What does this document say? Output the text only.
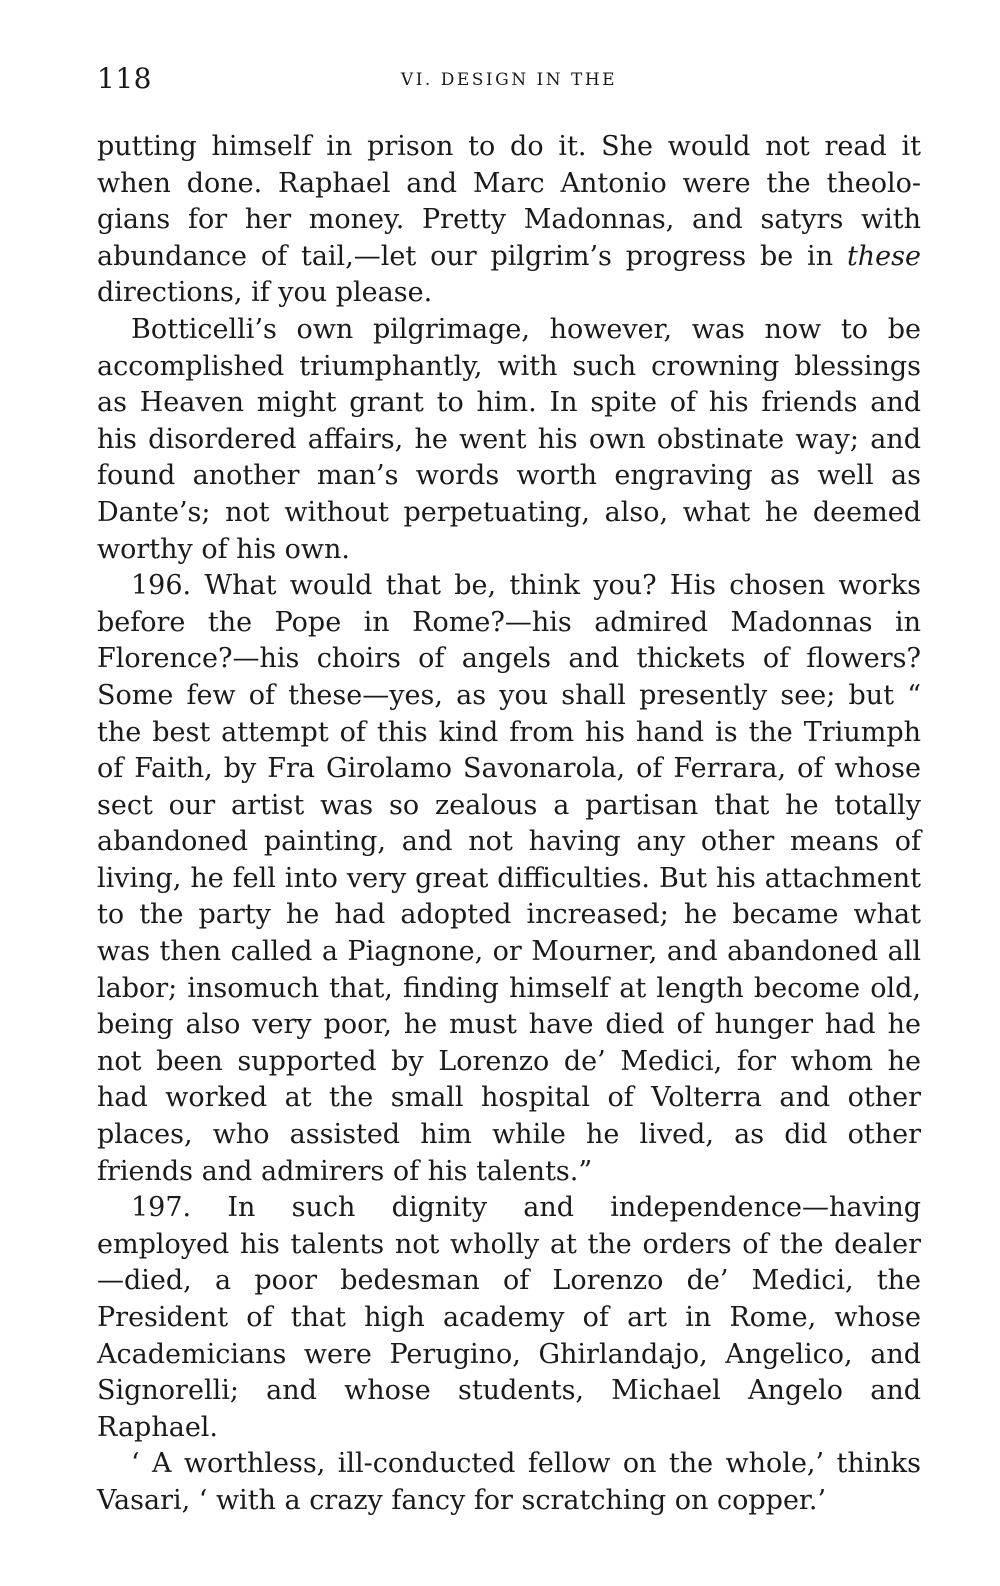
118	VI. DESIGN IN THE

putting himself in prison to do it. She would not read it when done. Raphael and Marc Antonio were the theologians for her money. Pretty Madonnas, and satyrs with abundance of tail,—let our pilgrim’s progress be in these directions, if you please.

Botticelli’s own pilgrimage, however, was now to be accomplished triumphantly, with such crowning blessings as Heaven might grant to him. In spite of his friends and his disordered affairs, he went his own obstinate way; and found another man’s words worth engraving as well as Dante’s; not without perpetuating, also, what he deemed worthy of his own.

196. What would that be, think you? His chosen works before the Pope in Rome?—his admired Madonnas in Florence?—his choirs of angels and thickets of flowers? Some few of these—yes, as you shall presently see; but “ the best attempt of this kind from his hand is the Triumph of Faith, by Fra Girolamo Savonarola, of Ferrara, of whose sect our artist was so zealous a partisan that he totally abandoned painting, and not having any other means of living, he fell into very great difficulties. But his attachment to the party he had adopted increased; he became what was then called a Piagnone, or Mourner, and abandoned all labor; insomuch that, finding himself at length become old, being also very poor, he must have died of hunger had he not been supported by Lorenzo de’ Medici, for whom he had worked at the small hospital of Volterra and other places, who assisted him while he lived, as did other friends and admirers of his talents.”

197. In such dignity and independence—having employed his talents not wholly at the orders of the dealer—died, a poor bedesman of Lorenzo de’ Medici, the President of that high academy of art in Rome, whose Academicians were Perugino, Ghirlandajo, Angelico, and Signorelli; and whose students, Michael Angelo and Raphael.

‘ A worthless, ill-conducted fellow on the whole,’ thinks Vasari, ‘ with a crazy fancy for scratching on copper.’
